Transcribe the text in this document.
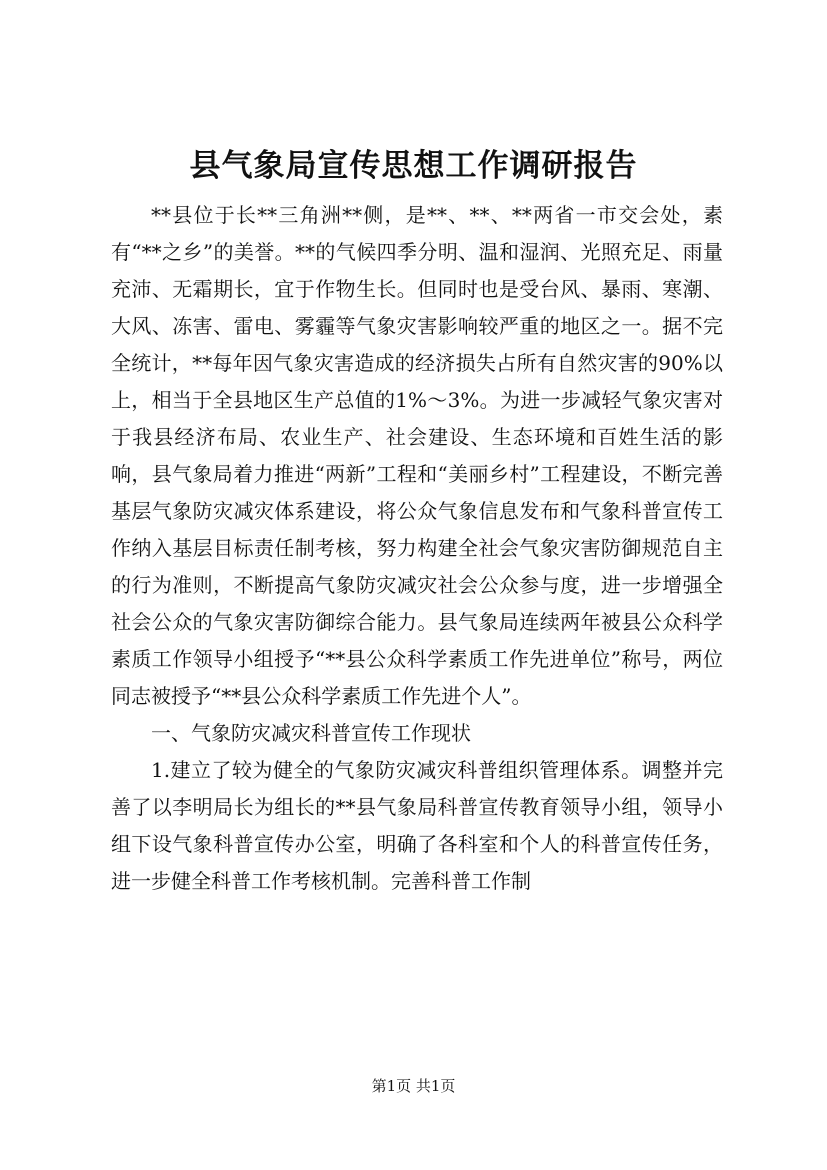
县气象局宣传思想工作调研报告

**县位于长**三角洲**侧，是**、**、**两省一市交会处，素有“**之乡”的美誉。**的气候四季分明、温和湿润、光照充足、雨量充沛、无霜期长，宜于作物生长。但同时也是受台风、暴雨、寒潮、大风、冻害、雷电、雾霾等气象灾害影响较严重的地区之一。据不完全统计，**每年因气象灾害造成的经济损失占所有自然灾害的90%以上，相当于全县地区生产总值的1%～3%。为进一步减轻气象灾害对于我县经济布局、农业生产、社会建设、生态环境和百姓生活的影响，县气象局着力推进“两新”工程和“美丽乡村”工程建设，不断完善基层气象防灾减灾体系建设，将公众气象信息发布和气象科普宣传工作纳入基层目标责任制考核，努力构建全社会气象灾害防御规范自主的行为准则，不断提高气象防灾减灾社会公众参与度，进一步增强全社会公众的气象灾害防御综合能力。县气象局连续两年被县公众科学素质工作领导小组授予“**县公众科学素质工作先进单位”称号，两位同志被授予“**县公众科学素质工作先进个人”。

一、气象防灾减灾科普宣传工作现状

1.建立了较为健全的气象防灾减灾科普组织管理体系。调整并完善了以李明局长为组长的**县气象局科普宣传教育领导小组，领导小组下设气象科普宣传办公室，明确了各科室和个人的科普宣传任务，进一步健全科普工作考核机制。完善科普工作制

第1页 共1页
